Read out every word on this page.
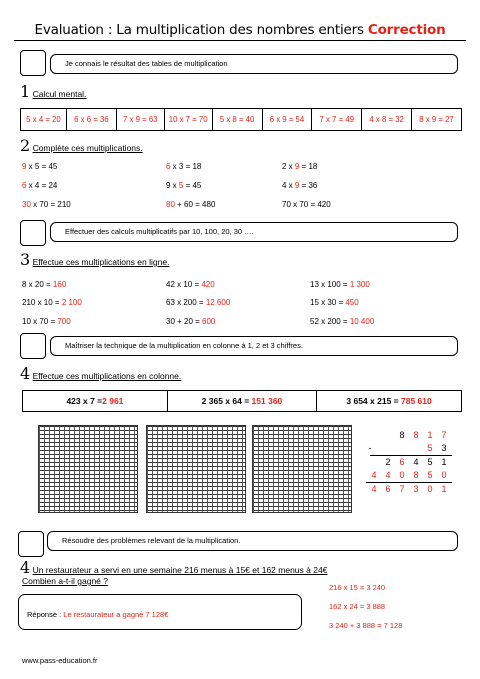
Evaluation : La multiplication des nombres entiers Correction
Je connais le résultat des tables de multiplication
1 Calcul mental.
5 x 4 = 20	6 x 6 = 36	7 x 9 = 63	10 x 7 = 70	5 x 8 = 40	6 x 9 = 54	7 x 7 = 49	4 x 8 = 32	8 x 9 = 27
2 Complète ces multiplications.
9 x 5 = 45	6 x 3 = 18	2 x 9 = 18
6 x 4 = 24	9 x 5 = 45	4 x 9 = 36
30 x 70 = 210	80 + 60 = 480	70 x 70 = 420
Effectuer des calculs multiplicatifs par 10, 100, 20, 30 ….
3 Effectue ces multiplications en ligne.
8 x 20 = 160	42 x 10 = 420	13 x 100 = 1 300
210 x 10 = 2 100	63 x 200 = 12 600	15 x 30 = 450
10 x 70 = 700	30 + 20 = 600	52 x 200 = 10 400
Maîtriser la technique de la multiplication en colonne à 1, 2 et 3 chiffres.
4 Effectue ces multiplications en colonne.
423 x 7 =2 961	2 365 x 64 = 151 360	3 654 x 215 = 785 610
8 8 1 7
-	5 3
2 6 4 5 1
4 4 0 8 5 0
4 6 7 3 0 1
Résoudre des problèmes relevant de la multiplication.
4 Un restaurateur a servi en une semaine 216 menus à 15€ et 162 menus à 24€
Combien a-t-il gagné ?
Réponse : Le restaurateur a gagné 7 128€
216 x 15 = 3 240
162 x 24 = 3 888
3 240 + 3 888 = 7 128
www.pass-education.fr
